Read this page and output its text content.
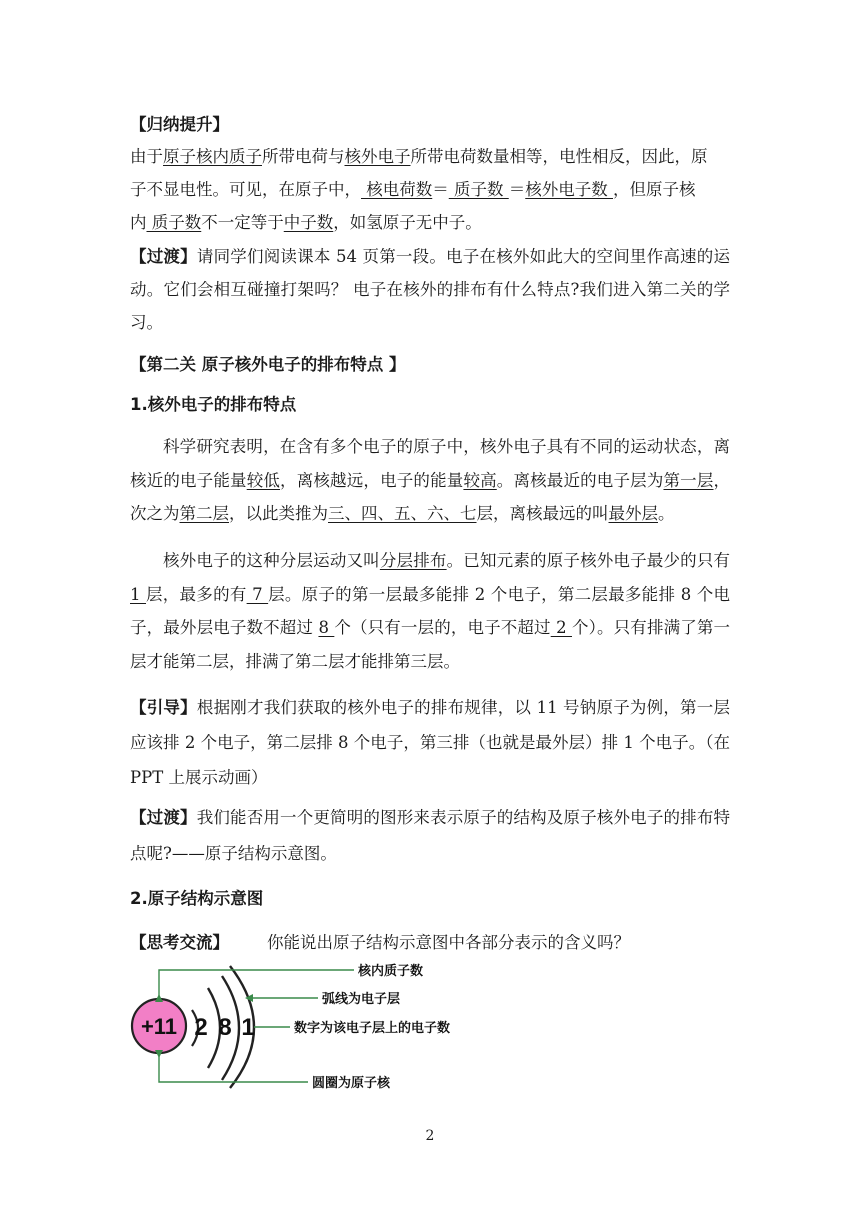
【归纳提升】
由于原子核内质子所带电荷与核外电子所带电荷数量相等，电性相反，因此，原
子不显电性。可见，在原子中， 核电荷数＝ 质子数 ＝核外电子数 ，但原子核
内 质子数不一定等于中子数，如氢原子无中子。

【过渡】请同学们阅读课本 54 页第一段。电子在核外如此大的空间里作高速的运动。它们会相互碰撞打架吗？ 电子在核外的排布有什么特点?我们进入第二关的学习。

【第二关 原子核外电子的排布特点 】
1.核外电子的排布特点

科学研究表明，在含有多个电子的原子中，核外电子具有不同的运动状态，离核近的电子能量较低，离核越远，电子的能量较高。离核最近的电子层为第一层，次之为第二层，以此类推为三、四、五、六、七层，离核最远的叫最外层。

核外电子的这种分层运动又叫分层排布。已知元素的原子核外电子最少的只有 1 层，最多的有 7 层。原子的第一层最多能排 2 个电子，第二层最多能排 8 个电子，最外层电子数不超过 8 个（只有一层的，电子不超过 2 个）。只有排满了第一层才能第二层，排满了第二层才能排第三层。

【引导】根据刚才我们获取的核外电子的排布规律，以 11 号钠原子为例，第一层应该排 2 个电子，第二层排 8 个电子，第三排（也就是最外层）排 1 个电子。（在 PPT 上展示动画）

【过渡】我们能否用一个更简明的图形来表示原子的结构及原子核外电子的排布特点呢?——原子结构示意图。

2.原子结构示意图
【思考交流】 你能说出原子结构示意图中各部分表示的含义吗？
+11 2 8 1
核内质子数
弧线为电子层
数字为该电子层上的电子数
圆圈为原子核
2
